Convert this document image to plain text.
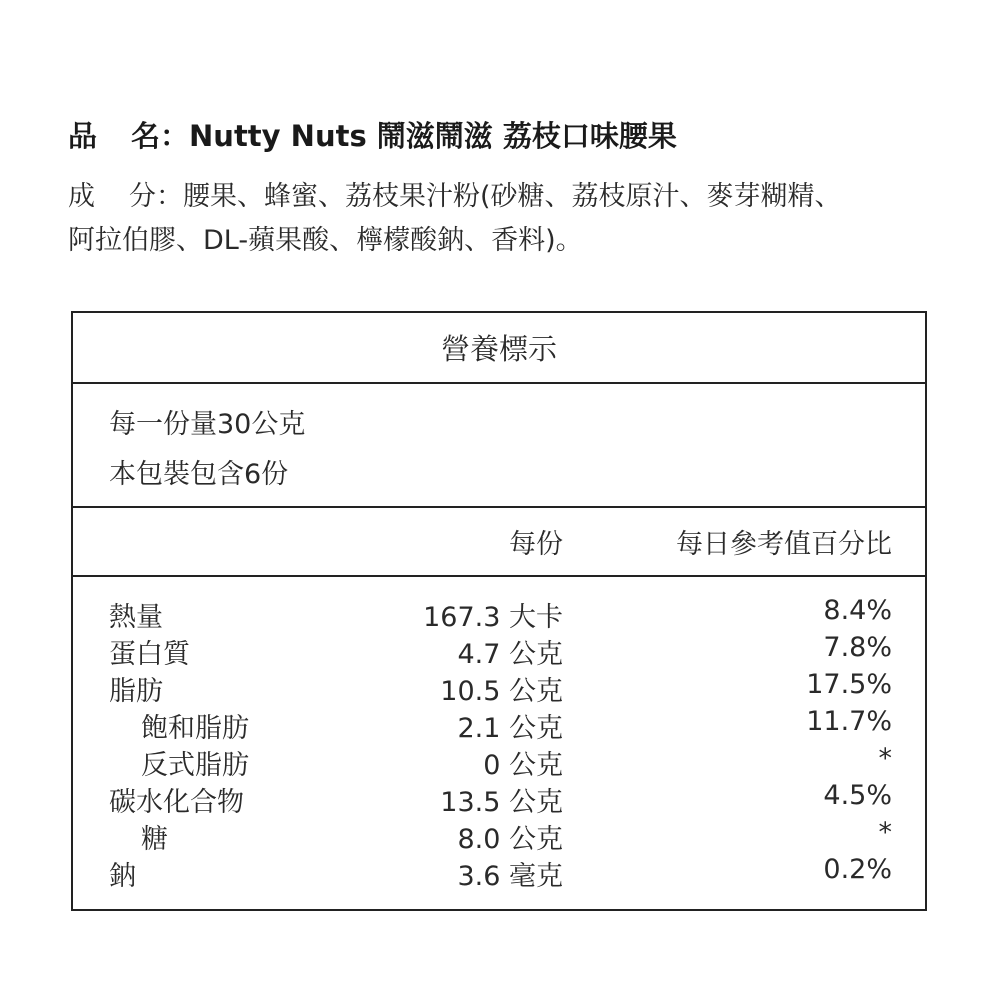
品 名：Nutty Nuts 鬧滋鬧滋 荔枝口味腰果
成 分：腰果、蜂蜜、荔枝果汁粉(砂糖、荔枝原汁、麥芽糊精、
阿拉伯膠、DL-蘋果酸、檸檬酸鈉、香料)。
營養標示
每一份量30公克
本包裝包含6份
每份	每日參考值百分比
熱量	167.3 大卡	8.4%
蛋白質	4.7 公克	7.8%
脂肪	10.5 公克	17.5%
飽和脂肪	2.1 公克	11.7%
反式脂肪	0 公克	*
碳水化合物	13.5 公克	4.5%
糖	8.0 公克	*
鈉	3.6 毫克	0.2%
